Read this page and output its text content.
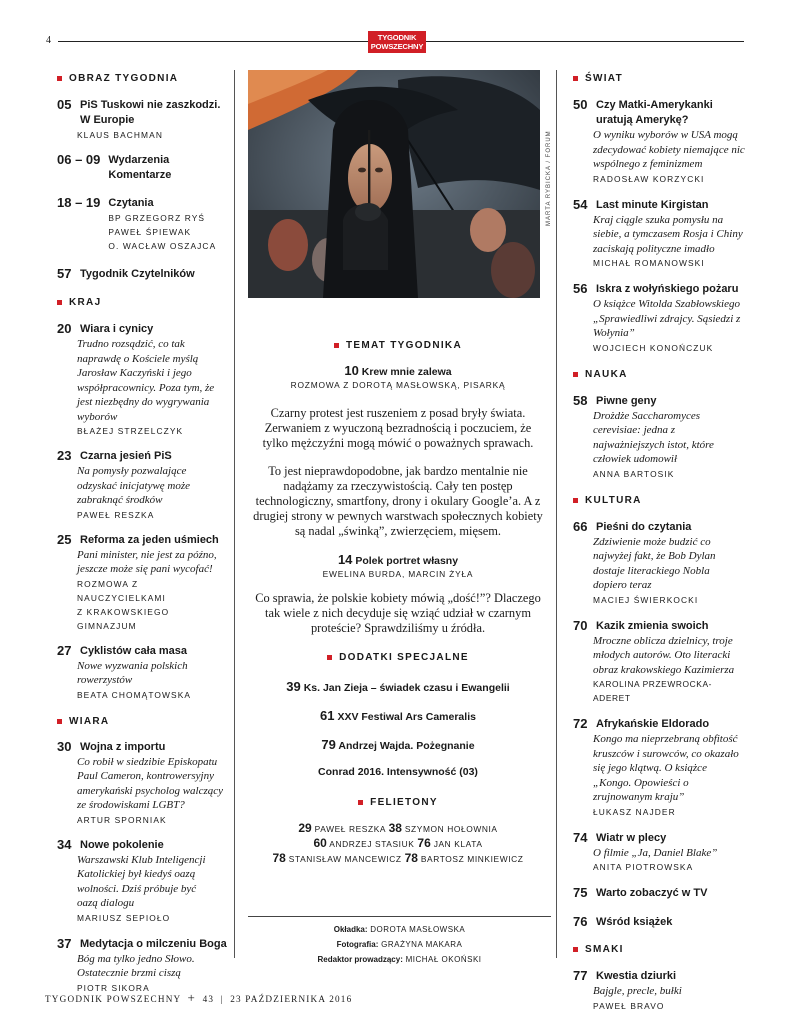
4	TYGODNIK
POWSZECHNY
OBRAZ TYGODNIA
05 PiS Tuskowi nie zaszkodzi. W Europie
KLAUS BACHMAN
06 – 09 Wydarzenia Komentarze
18 – 19 Czytania
BP GRZEGORZ RYŚ
PAWEŁ ŚPIEWAK
O. WACŁAW OSZAJCA
57 Tygodnik Czytelników
KRAJ
20 Wiara i cynicy
Trudno rozsądzić, co tak naprawdę o Kościele myślą Jarosław Kaczyński i jego współpracownicy. Poza tym, że jest niezbędny do wygrywania wyborów
BŁAŻEJ STRZELCZYK
23 Czarna jesień PiS
Na pomysły pozwalające odzyskać inicjatywę może zabraknąć środków
PAWEŁ RESZKA
25 Reforma za jeden uśmiech
Pani minister, nie jest za późno, jeszcze może się pani wycofać!
ROZMOWA Z NAUCZYCIELKAMI
Z KRAKOWSKIEGO GIMNAZJUM
27 Cyklistów cała masa
Nowe wyzwania polskich rowerzystów
BEATA CHOMĄTOWSKA
WIARA
30 Wojna z importu
Co robił w siedzibie Episkopatu Paul Cameron, kontrowersyjny amerykański psycholog walczący ze środowiskami LGBT?
ARTUR SPORNIAK
34 Nowe pokolenie
Warszawski Klub Inteligencji Katolickiej był kiedyś oazą wolności. Dziś próbuje być oazą dialogu
MARIUSZ SEPIOŁO
37 Medytacja o milczeniu Boga
Bóg ma tylko jedno Słowo. Ostatecznie brzmi ciszą
PIOTR SIKORA
MARTA RYBICKA / FORUM
TEMAT TYGODNIKA
10 Krew mnie zalewa
ROZMOWA Z DOROTĄ MASŁOWSKĄ, PISARKĄ
Czarny protest jest ruszeniem z posad bryły świata. Zerwaniem z wyuczoną bezradnością i poczuciem, że tylko mężczyźni mogą mówić o poważnych sprawach.
To jest nieprawdopodobne, jak bardzo mentalnie nie nadążamy za rzeczywistością. Cały ten postęp technologiczny, smartfony, drony i okulary Google’a. A z drugiej strony w pewnych warstwach społecznych kobiety są nadal „świnką”, zwierzęciem, mięsem.
14 Polek portret własny
EWELINA BURDA, MARCIN ŻYŁA
Co sprawia, że polskie kobiety mówią „dość!”? Dlaczego tak wiele z nich decyduje się wziąć udział w czarnym proteście? Sprawdziliśmy u źródła.
DODATKI SPECJALNE
39 Ks. Jan Zieja – świadek czasu i Ewangelii
61 XXV Festiwal Ars Cameralis
79 Andrzej Wajda. Pożegnanie
Conrad 2016. Intensywność (03)
FELIETONY
29 PAWEŁ RESZKA 38 SZYMON HOŁOWNIA
60 ANDRZEJ STASIUK 76 JAN KLATA
78 STANISŁAW MANCEWICZ 78 BARTOSZ MINKIEWICZ
Okładka: DOROTA MASŁOWSKA
Fotografia: GRAŻYNA MAKARA
Redaktor prowadzący: MICHAŁ OKOŃSKI
ŚWIAT
50 Czy Matki-Amerykanki uratują Amerykę?
O wyniku wyborów w USA mogą zdecydować kobiety niemające nic wspólnego z feminizmem
RADOSŁAW KORZYCKI
54 Last minute Kirgistan
Kraj ciągle szuka pomysłu na siebie, a tymczasem Rosja i Chiny zaciskają polityczne imadło
MICHAŁ ROMANOWSKI
56 Iskra z wołyńskiego pożaru
O książce Witolda Szabłowskiego „Sprawiedliwi zdrajcy. Sąsiedzi z Wołynia”
WOJCIECH KONOŃCZUK
NAUKA
58 Piwne geny
Drożdże Saccharomyces cerevisiae: jedna z najważniejszych istot, które człowiek udomowił
ANNA BARTOSIK
KULTURA
66 Pieśni do czytania
Zdziwienie może budzić co najwyżej fakt, że Bob Dylan dostaje literackiego Nobla dopiero teraz
MACIEJ ŚWIERKOCKI
70 Kazik zmienia swoich
Mroczne oblicza dzielnicy, troje młodych autorów. Oto literacki obraz krakowskiego Kazimierza
KAROLINA PRZEWROCKA-ADERET
72 Afrykańskie Eldorado
Kongo ma nieprzebraną obfitość kruszców i surowców, co okazało się jego klątwą. O książce „Kongo. Opowieści o zrujnowanym kraju”
ŁUKASZ NAJDER
74 Wiatr w plecy
O filmie „Ja, Daniel Blake”
ANITA PIOTROWSKA
75 Warto zobaczyć w TV
76 Wśród książek
SMAKI
77 Kwestia dziurki
Bajgle, precle, bułki
PAWEŁ BRAVO
TYGODNIK POWSZECHNY + 43 | 23 PAŹDZIERNIKA 2016
